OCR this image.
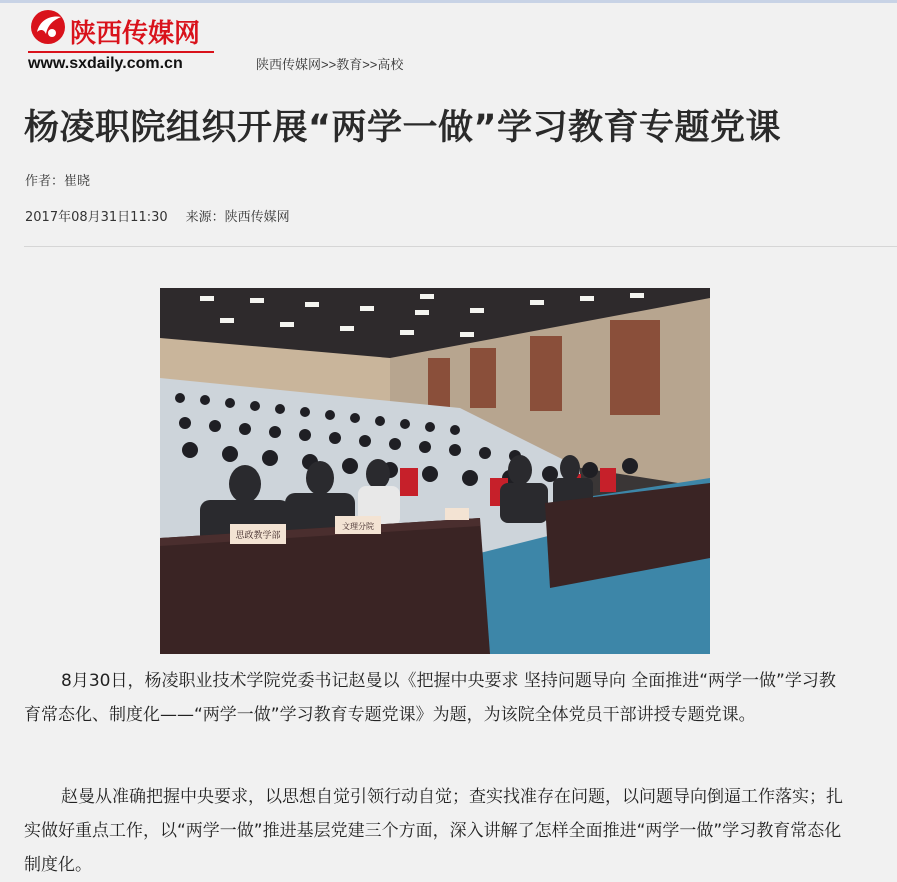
陕西传媒网
www.sxdaily.com.cn	陕西传媒网>>教育>>高校
杨凌职院组织开展“两学一做”学习教育专题党课
作者：崔晓
2017年08月31日11:30 来源：陕西传媒网
思政教学部
文理分院

8月30日，杨凌职业技术学院党委书记赵曼以《把握中央要求 坚持问题导向 全面推进“两学一做”学习教育常态化、制度化——“两学一做”学习教育专题党课》为题，为该院全体党员干部讲授专题党课。

赵曼从准确把握中央要求，以思想自觉引领行动自觉；查实找准存在问题，以问题导向倒逼工作落实；扎实做好重点工作，以“两学一做”推进基层党建三个方面，深入讲解了怎样全面推进“两学一做”学习教育常态化制度化。
